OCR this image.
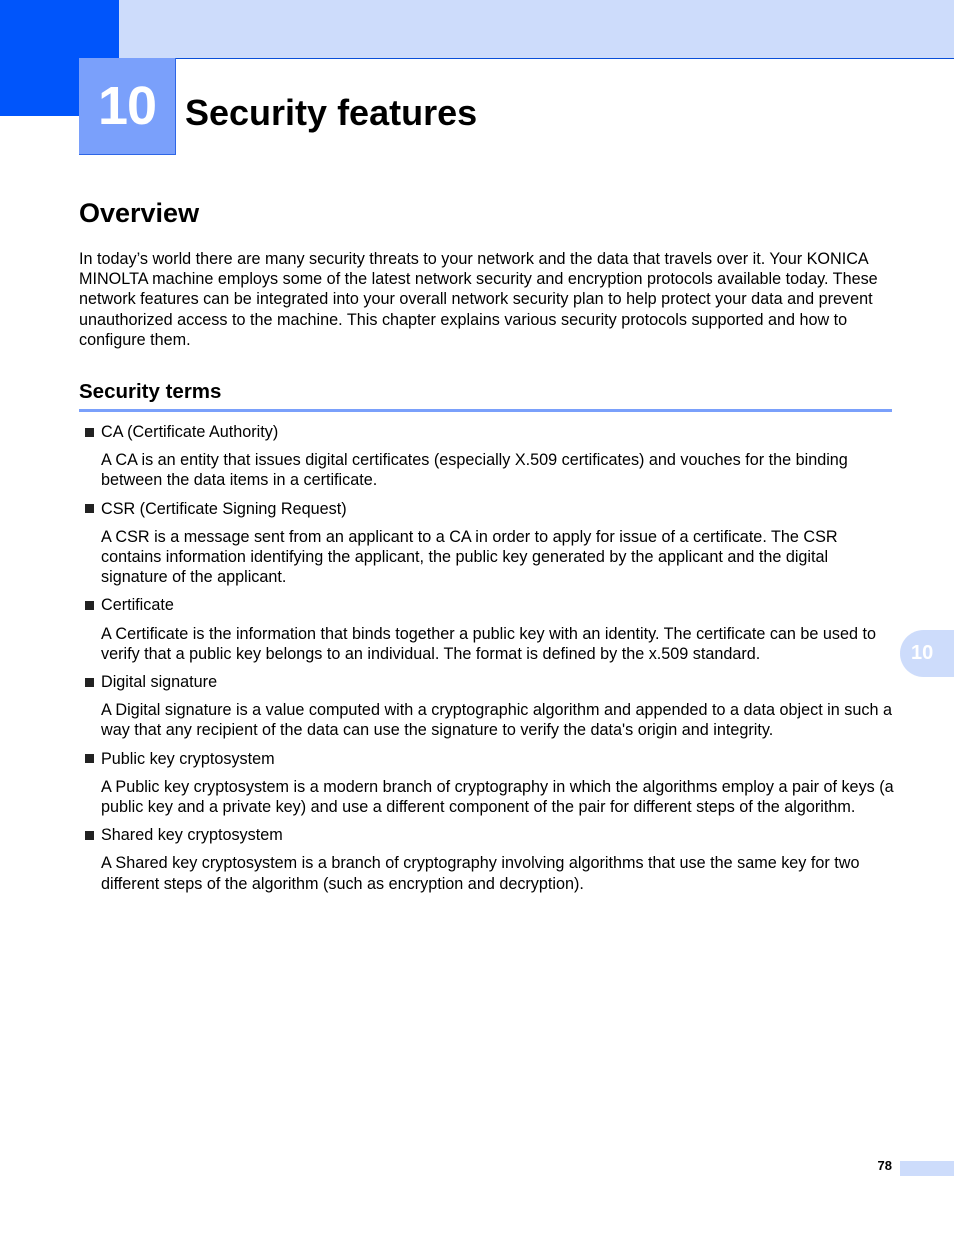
10 Security features
Overview

In today’s world there are many security threats to your network and the data that travels over it. Your KONICA MINOLTA machine employs some of the latest network security and encryption protocols available today. These network features can be integrated into your overall network security plan to help protect your data and prevent unauthorized access to the machine. This chapter explains various security protocols supported and how to configure them.

Security terms
CA (Certificate Authority)
A CA is an entity that issues digital certificates (especially X.509 certificates) and vouches for the binding between the data items in a certificate.
CSR (Certificate Signing Request)
A CSR is a message sent from an applicant to a CA in order to apply for issue of a certificate. The CSR contains information identifying the applicant, the public key generated by the applicant and the digital signature of the applicant.
Certificate
A Certificate is the information that binds together a public key with an identity. The certificate can be used to verify that a public key belongs to an individual. The format is defined by the x.509 standard.
Digital signature
A Digital signature is a value computed with a cryptographic algorithm and appended to a data object in such a way that any recipient of the data can use the signature to verify the data's origin and integrity.
Public key cryptosystem
A Public key cryptosystem is a modern branch of cryptography in which the algorithms employ a pair of keys (a public key and a private key) and use a different component of the pair for different steps of the algorithm.
Shared key cryptosystem
A Shared key cryptosystem is a branch of cryptography involving algorithms that use the same key for two different steps of the algorithm (such as encryption and decryption).
10
78
